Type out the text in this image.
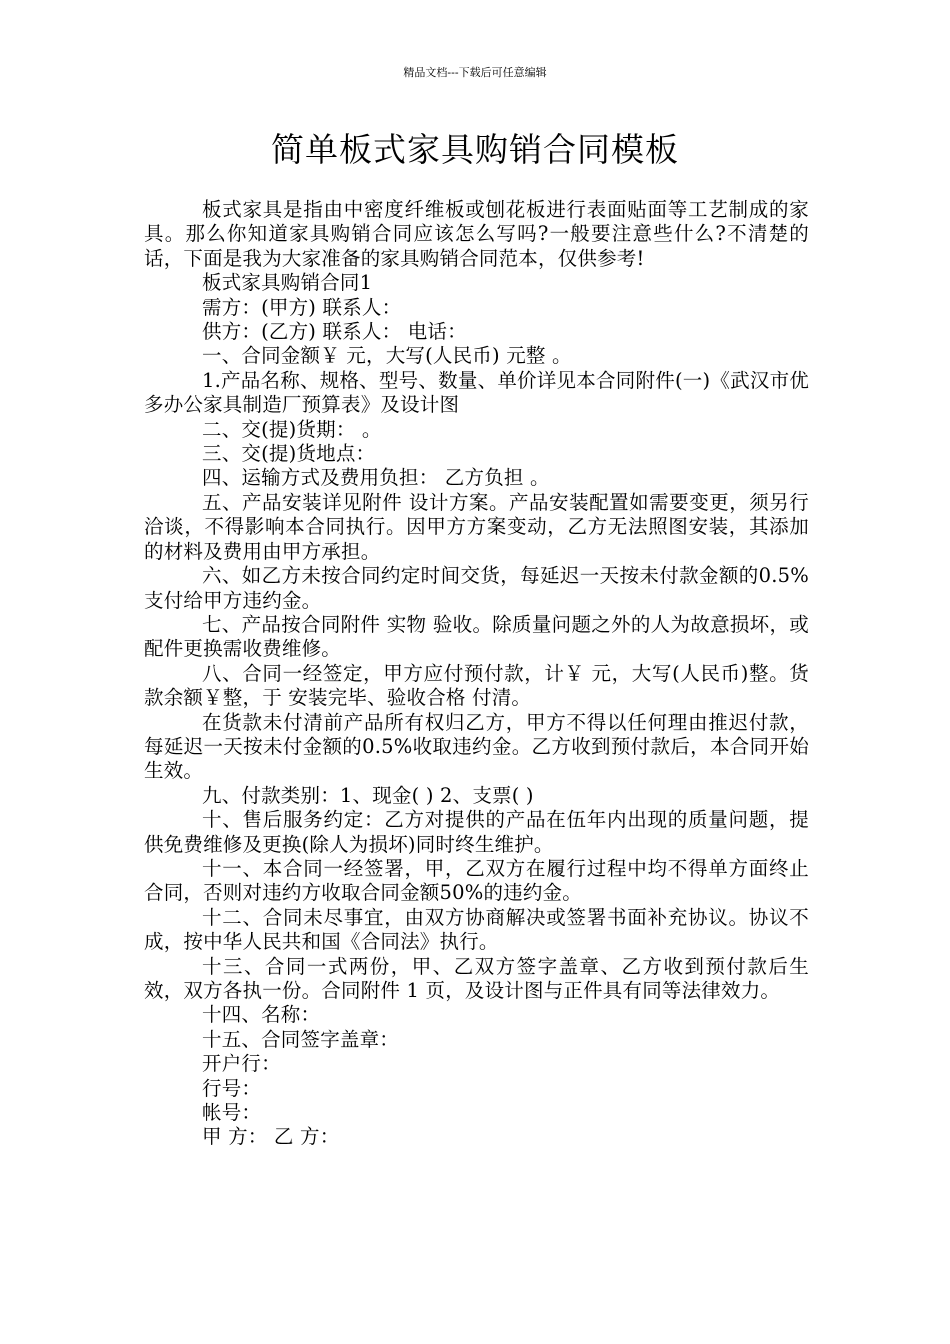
精品文档---下载后可任意编辑
简单板式家具购销合同模板

板式家具是指由中密度纤维板或刨花板进行表面贴面等工艺制成的家具。那么你知道家具购销合同应该怎么写吗?一般要注意些什么?不清楚的话，下面是我为大家准备的家具购销合同范本，仅供参考!

板式家具购销合同1

需方：(甲方) 联系人：

供方：(乙方) 联系人： 电话：

一、合同金额￥ 元，大写(人民币) 元整 。

1.产品名称、规格、型号、数量、单价详见本合同附件(一)《武汉市优多办公家具制造厂预算表》及设计图

二、交(提)货期： 。

三、交(提)货地点：

四、运输方式及费用负担： 乙方负担 。

五、产品安装详见附件 设计方案。产品安装配置如需要变更，须另行洽谈，不得影响本合同执行。因甲方方案变动，乙方无法照图安装，其添加的材料及费用由甲方承担。

六、如乙方未按合同约定时间交货，每延迟一天按未付款金额的0.5%支付给甲方违约金。

七、产品按合同附件 实物 验收。除质量问题之外的人为故意损坏，或配件更换需收费维修。

八、合同一经签定，甲方应付预付款，计￥ 元，大写(人民币)整。货款余额￥整，于 安装完毕、验收合格 付清。

在货款未付清前产品所有权归乙方，甲方不得以任何理由推迟付款，每延迟一天按未付金额的0.5%收取违约金。乙方收到预付款后，本合同开始生效。

九、付款类别：1、现金( ) 2、支票( )

十、售后服务约定：乙方对提供的产品在伍年内出现的质量问题，提供免费维修及更换(除人为损坏)同时终生维护。

十一、本合同一经签署，甲，乙双方在履行过程中均不得单方面终止合同，否则对违约方收取合同金额50%的违约金。

十二、合同未尽事宜，由双方协商解决或签署书面补充协议。协议不成，按中华人民共和国《合同法》执行。

十三、合同一式两份，甲、乙双方签字盖章、乙方收到预付款后生效，双方各执一份。合同附件 1 页，及设计图与正件具有同等法律效力。

十四、名称：

十五、合同签字盖章：

开户行：

行号：

帐号：

甲 方： 乙 方：
